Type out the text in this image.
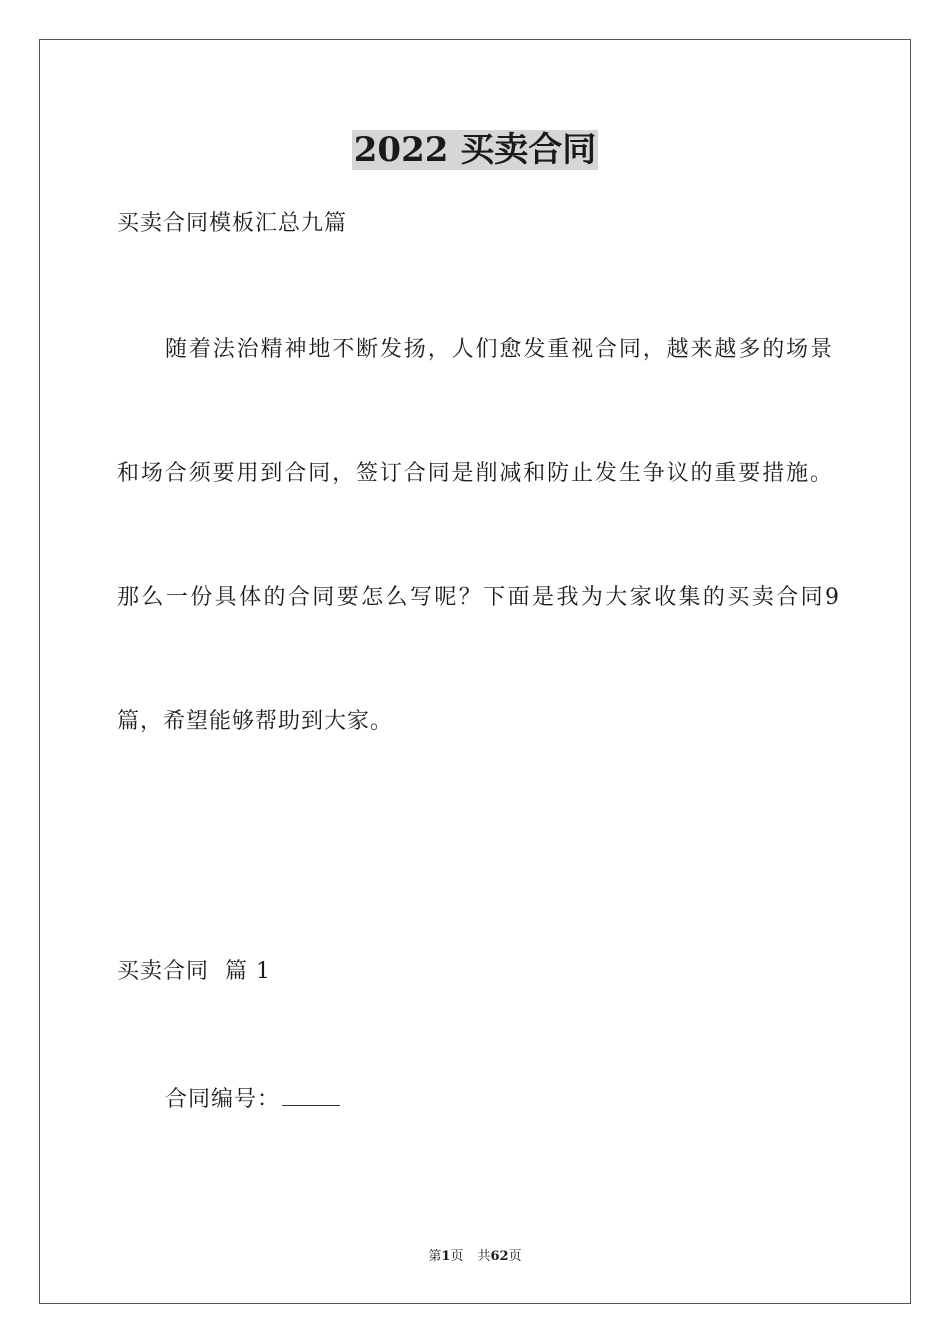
2022 买卖合同
买卖合同模板汇总九篇
随着法治精神地不断发扬，人们愈发重视合同，越来越多的场景
和场合须要用到合同，签订合同是削减和防止发生争议的重要措施。
那么一份具体的合同要怎么写呢？下面是我为大家收集的买卖合同9
篇，希望能够帮助到大家。
买卖合同  篇 1
合同编号：
第1页 共62页
